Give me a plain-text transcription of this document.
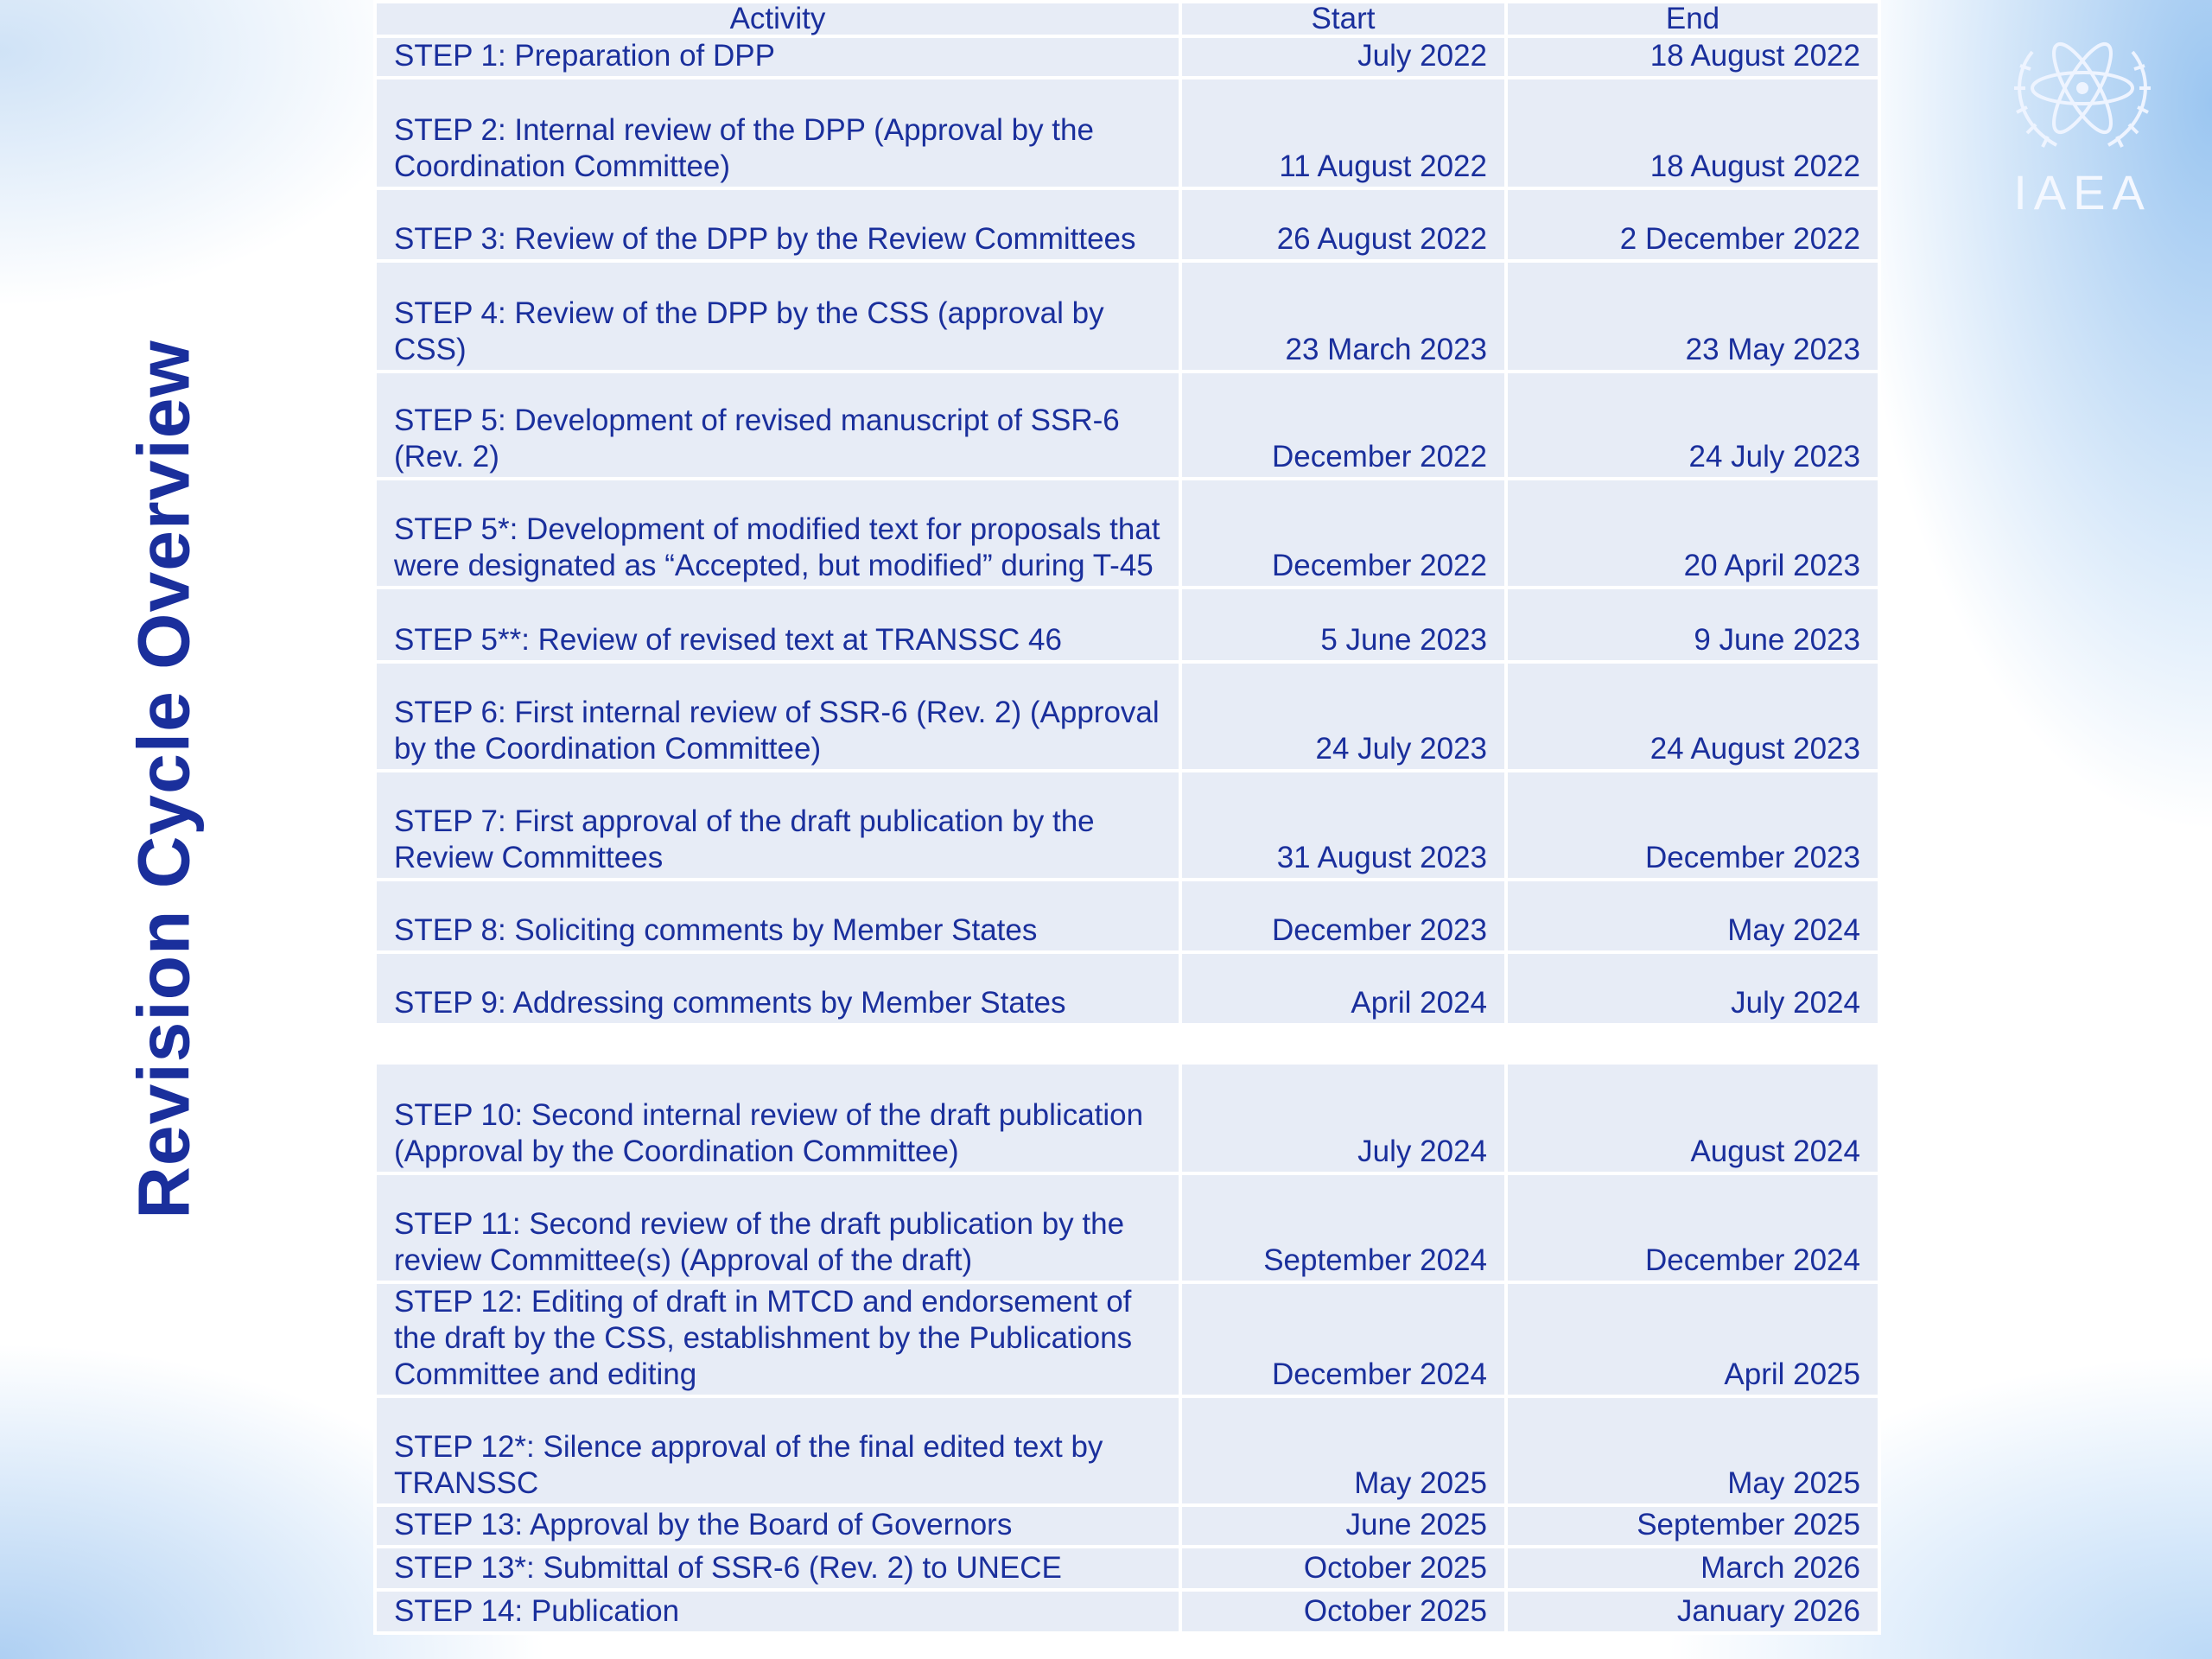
Revision Cycle Overview
IAEA
Activity	Start	End
STEP 1: Preparation of DPP	July 2022	18 August 2022
STEP 2: Internal review of the DPP (Approval by the Coordination Committee)	11 August 2022	18 August 2022
STEP 3: Review of the DPP by the Review Committees	26 August 2022	2 December 2022
STEP 4: Review of the DPP by the CSS (approval by CSS)	23 March 2023	23 May 2023
STEP 5: Development of revised manuscript of SSR-6 (Rev. 2)	December 2022	24 July 2023
STEP 5*: Development of modified text for proposals that were designated as “Accepted, but modified” during T-45	December 2022	20 April 2023
STEP 5**: Review of revised text at TRANSSC 46	5 June 2023	9 June 2023
STEP 6: First internal review of SSR-6 (Rev. 2) (Approval by the Coordination Committee)	24 July 2023	24 August 2023
STEP 7: First approval of the draft publication by the Review Committees	31 August 2023	December 2023
STEP 8: Soliciting comments by Member States	December 2023	May 2024
STEP 9: Addressing comments by Member States	April 2024	July 2024

STEP 10: Second internal review of the draft publication (Approval by the Coordination Committee)	July 2024	August 2024
STEP 11: Second review of the draft publication by the review Committee(s) (Approval of the draft)	September 2024	December 2024
STEP 12: Editing of draft in MTCD and endorsement of the draft by the CSS, establishment by the Publications Committee and editing	December 2024	April 2025
STEP 12*: Silence approval of the final edited text by TRANSSC	May 2025	May 2025
STEP 13: Approval by the Board of Governors	June 2025	September 2025
STEP 13*: Submittal of SSR-6 (Rev. 2) to UNECE	October 2025	March 2026
STEP 14: Publication	October 2025	January 2026
